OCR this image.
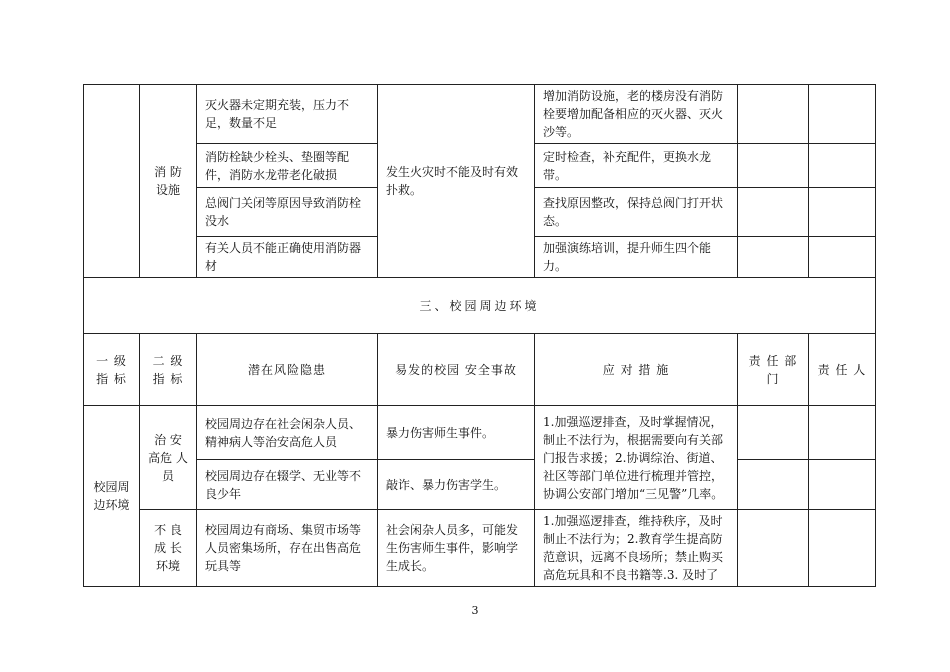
	消 防 设施	灭火器未定期充装，压力不足，数量不足	发生火灾时不能及时有效扑救。	增加消防设施，老的楼房没有消防栓要增加配备相应的灭火器、灭火沙等。		
		消防栓缺少栓头、垫圈等配件，消防水龙带老化破损		定时检查，补充配件，更换水龙带。		
		总阀门关闭等原因导致消防栓没水		查找原因整改，保持总阀门打开状态。		
		有关人员不能正确使用消防器材		加强演练培训，提升师生四个能力。		
三、校园周边环境						
一 级 指 标	二 级 指 标	潜在风险隐患	易发的校园 安全事故	应 对 措 施	责 任 部 门	责 任 人
校园周边环境	治 安 高危 人员	校园周边存在社会闲杂人员、精神病人等治安高危人员	暴力伤害师生事件。	1.加强巡逻排查，及时掌握情况，制止不法行为，根据需要向有关部门报告求援；2.协调综治、街道、社区等部门单位进行梳理并管控，协调公安部门增加“三见警”几率。		
		校园周边存在辍学、无业等不良少年	敲诈、暴力伤害学生。			
	不 良 成 长 环境	校园周边有商场、集贸市场等人员密集场所，存在出售高危玩具等	社会闲杂人员多，可能发生伤害师生事件，影响学生成长。	1.加强巡逻排查，维持秩序，及时制止不法行为；2.教育学生提高防范意识，远离不良场所；禁止购买高危玩具和不良书籍等.3. 及时了		
3
